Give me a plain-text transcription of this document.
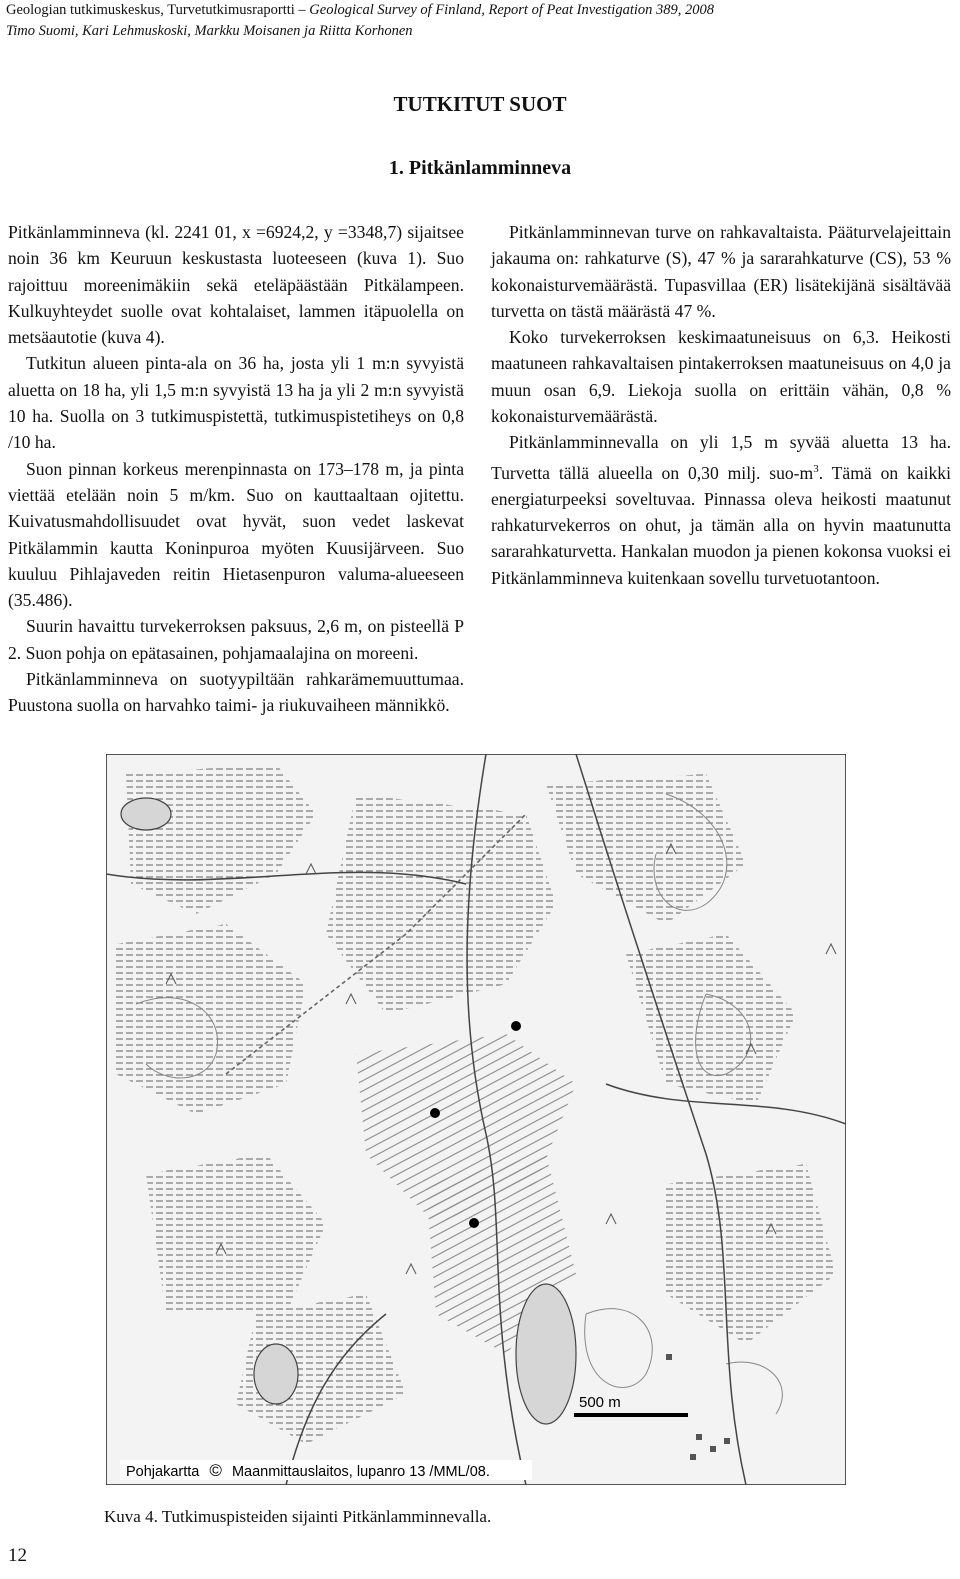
Geologian tutkimuskeskus, Turvetutkimusraportti – Geological Survey of Finland, Report of Peat Investigation 389, 2008
Timo Suomi, Kari Lehmuskoski, Markku Moisanen ja Riitta Korhonen
TUTKITUT SUOT
1. Pitkänlamminneva

Pitkänlamminneva (kl. 2241 01, x =6924,2, y =3348,7) sijaitsee noin 36 km Keuruun keskustasta luoteeseen (kuva 1). Suo rajoittuu moreenimäkiin sekä eteläpäästään Pitkälampeen. Kulkuyhteydet suolle ovat kohtalaiset, lammen itäpuolella on metsäautotie (kuva 4).

Tutkitun alueen pinta-ala on 36 ha, josta yli 1 m:n syvyistä aluetta on 18 ha, yli 1,5 m:n syvyistä 13 ha ja yli 2 m:n syvyistä 10 ha. Suolla on 3 tutkimuspistettä, tutkimuspistetiheys on 0,8 /10 ha.

Suon pinnan korkeus merenpinnasta on 173–178 m, ja pinta viettää etelään noin 5 m/km. Suo on kauttaaltaan ojitettu. Kuivatusmahdollisuudet ovat hyvät, suon vedet laskevat Pitkälammin kautta Koninpuroa myöten Kuusijärveen. Suo kuuluu Pihlajaveden reitin Hietasenpuron valuma-alueeseen (35.486).

Suurin havaittu turvekerroksen paksuus, 2,6 m, on pisteellä P 2. Suon pohja on epätasainen, pohjamaalajina on moreeni.

Pitkänlamminneva on suotyypiltään rahkarämemuuttumaa. Puustona suolla on harvahko taimi- ja riukuvaiheen männikkö.

Pitkänlamminnevan turve on rahkavaltaista. Pääturvelajeittain jakauma on: rahkaturve (S), 47 % ja sararahkaturve (CS), 53 % kokonaisturvemäärästä. Tupasvillaa (ER) lisätekijänä sisältävää turvetta on tästä määrästä 47 %.

Koko turvekerroksen keskimaatuneisuus on 6,3. Heikosti maatuneen rahkavaltaisen pintakerroksen maatuneisuus on 4,0 ja muun osan 6,9. Liekoja suolla on erittäin vähän, 0,8 % kokonaisturvemäärästä.

Pitkänlamminnevalla on yli 1,5 m syvää aluetta 13 ha. Turvetta tällä alueella on 0,30 milj. suo-$m^3$. Tämä on kaikki energiaturpeeksi soveltuvaa. Pinnassa oleva heikosti maatunut rahkaturvekerros on ohut, ja tämän alla on hyvin maatunutta sararahkaturvetta. Hankalan muodon ja pienen kokonsa vuoksi ei Pitkänlamminneva kuitenkaan sovellu turvetuotantoon.

500 m
Pohjakartta © Maanmittauslaitos, lupanro 13 /MML/08.
Kuva 4. Tutkimuspisteiden sijainti Pitkänlamminnevalla.
12
